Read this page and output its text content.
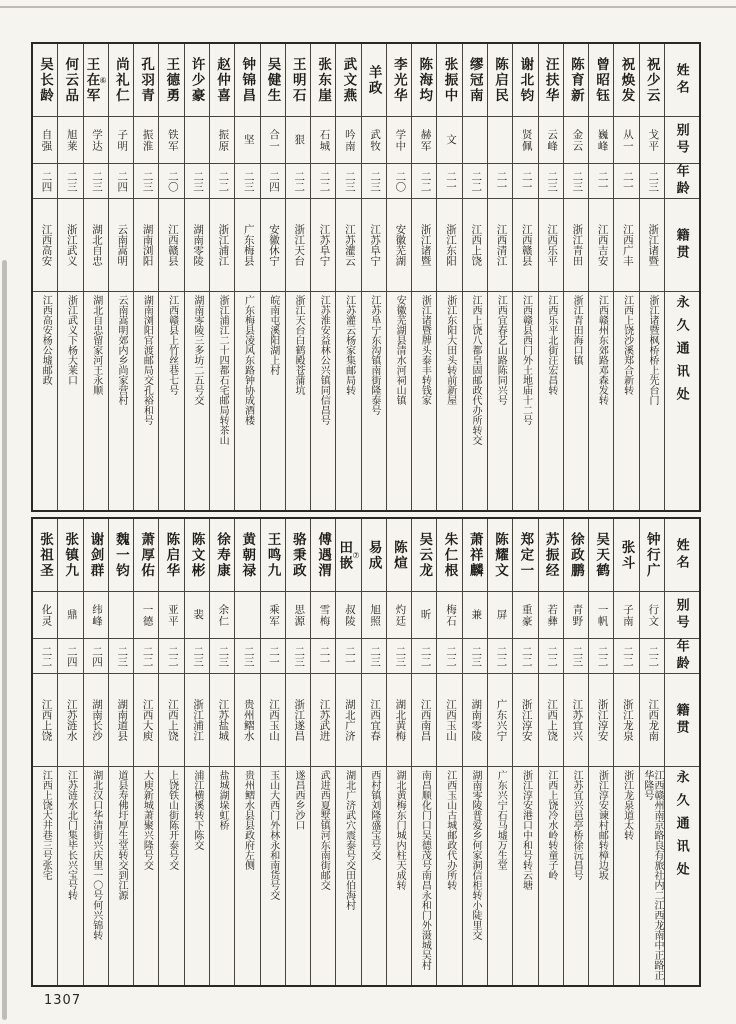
姓名
别号
年龄
籍贯
永久通讯处
祝少云
戈平
二三
浙江诸暨
浙江诸暨枫桥桥上先台门
祝焕发
从一
二一
江西广丰
江西上饶沙溪郑合新转
曾昭钰
巍峰
二一
江西吉安
江西赣州东郊路邓森发转
陈育新
金云
二三
浙江青田
浙江青田海口镇
汪扶华
云峰
二三
江西乐平
江西乐平北街汪宏昌转
谢北钧
贤佩
二一
江西赣县
江西赣县西门外土地庙十二号
陈启民
二一
江西清江
江西宜春艺山路陈同兴号
缪冠南
二二
江西上饶
江西上饶八都皇固邮政代办所转交
张振中
文
二一
浙江东阳
浙江东阳大田头转前新屋
陈海均
赫军
二二
浙江诸暨
浙江诸暨牌头泰丰转钱家
李光华
学中
二〇
安徽芜湖
安徽芜湖县清水河祠山镇
羊政
武牧
二三
江苏阜宁
江苏阜宁东沟镇南街隆泰号
武文燕
吟南
二三
江苏灌云
江苏灌云杨家集邮局转
张东崖
石城
二二
江苏阜宁
江苏淮安益林公兴镇同信昌号
王明石
狠
二二
浙江天台
浙江天台白鹤殿苍蒲坑
吴健生
合一
二四
安徽休宁
皖南屯溪阳湖上村
钟锦昌
坚
二三
广东梅县
广东梅县凌风东路钟协成酒楼
赵仲喜
振原
二二
浙江浦江
浙江浦江二十四都石宅邮局转茶山
许少豪
二三
湖南零陵
湖南零陵三多坊二五号交
王德勇
铁军
二〇
江西赣县
江西赣县上竹丝巷七号
孔羽青
振淮
二三
湖南浏阳
湖南浏阳官渡邮局交孔裕和号
尚礼仁
子明
二四
云南嵩明
云南嵩明郊内乡尚家营村
王在军 ⑥
学达
二三
湖北自忠
湖北自忠留家河王永顺
何云品
旭莱
二三
浙江武义
浙江武义下杨大莱口
吴长龄
自强
二四
江西高安
江西高安杨公墟邮政
姓名
别号
年龄
籍贯
永久通讯处
钟行广
行文
二二
江西龙南
江西赣州南京路良有旅社内二江西龙南中正路正华隆号
张斗
子南
二二
浙江龙泉
浙江龙泉道太转
吴天鹤
一帆
二二
浙江淳安
浙江淳安谏村邮转樟边坂
徐政鹏
青野
二三
江苏宜兴
江苏宜兴邑亭桥徐沅昌号
苏振经
若彝
二二
江西上饶
江西上饶冷水岭转童子岭
郑定一
重豪
二二
浙江淳安
浙江淳安港口中和号转云塘
陈耀文
屏
二二
广东兴宁
广东兴宁石马墟万生堂
萧祥麟
兼
二三
湖南零陵
湖南零陵普爱乡何家洞信柜转小陡里交
朱仁根
梅石
二二
江西玉山
江西玉山古城邮政代办所转
吴云龙
昕
二二
江西南昌
南昌顺化门口吴德茂号南昌永和门外滠城吴村
陈煊
灼廷
二三
湖北黄梅
湖北黄梅东门城内柱天成转
易成
旭照
二三
江西宜春
西村镇刘隆盛宝号交
田嵌 ⑦
叔陵
二一
湖北广济
湖北广济武穴震泰号交田伯海村
傅遇渭
雪梅
二一
江苏武进
武进西夏墅镇河东南街邮交
骆秉政
思源
二三
浙江遂昌
遂昌西乡沙口
王鸣九
乘军
二一
江西玉山
玉山大西门外林永和南货号交
黄朝禄
二三
贵州鳛水
贵州鳛水县县政府左侧
徐寿康
余仁
二三
江苏盐城
盐城湖垛虹桥
陈文彬
裴
二三
浙江浦江
浦江横溪转下陈交
陈启华
亚平
二二
江西上饶
上饶铁山街陈开泰号交
萧厚佑
一德
二二
江西大庾
大庾新城萧聚兴隆号交
魏一钧
二三
湖南道县
道县寿佛圩厚生堂转交到江源
谢剑群
纬峰
二四
湖南长沙
湖北汉口华清街兴庆里一〇号何兴锦转
张镇九
鼎
二四
江苏涟水
江苏涟水北门集毕长兴宝号转
张祖圣
化灵
二二
江西上饶
江西上饶大井巷三号张宅
1307
